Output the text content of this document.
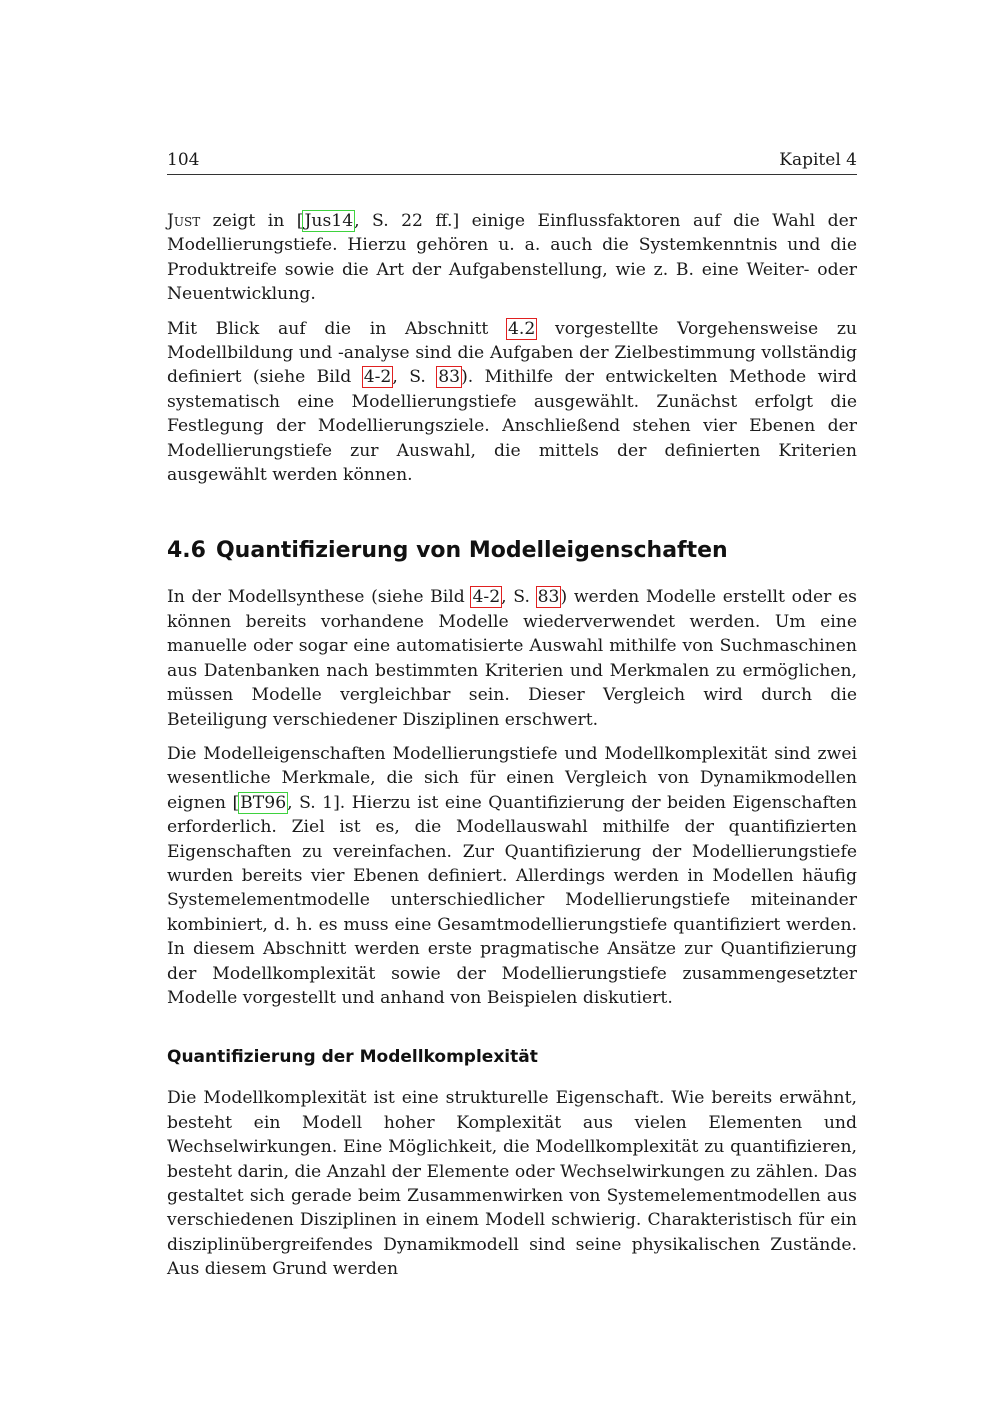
104	Kapitel 4

Just zeigt in [Jus14, S. 22 ff.] einige Einflussfaktoren auf die Wahl der Modellierungstiefe. Hierzu gehören u. a. auch die Systemkenntnis und die Produktreife sowie die Art der Aufgabenstellung, wie z. B. eine Weiter- oder Neuentwicklung.

Mit Blick auf die in Abschnitt 4.2 vorgestellte Vorgehensweise zu Modellbildung und -analyse sind die Aufgaben der Zielbestimmung vollständig definiert (siehe Bild 4-2, S. 83). Mithilfe der entwickelten Methode wird systematisch eine Modellierungstiefe ausgewählt. Zunächst erfolgt die Festlegung der Modellierungsziele. Anschließend stehen vier Ebenen der Modellierungstiefe zur Auswahl, die mittels der definierten Kriterien ausgewählt werden können.

4.6 Quantifizierung von Modelleigenschaften

In der Modellsynthese (siehe Bild 4-2, S. 83) werden Modelle erstellt oder es können bereits vorhandene Modelle wiederverwendet werden. Um eine manuelle oder sogar eine automatisierte Auswahl mithilfe von Suchmaschinen aus Datenbanken nach bestimmten Kriterien und Merkmalen zu ermöglichen, müssen Modelle vergleichbar sein. Dieser Vergleich wird durch die Beteiligung verschiedener Disziplinen erschwert.

Die Modelleigenschaften Modellierungstiefe und Modellkomplexität sind zwei wesentliche Merkmale, die sich für einen Vergleich von Dynamikmodellen eignen [BT96, S. 1]. Hierzu ist eine Quantifizierung der beiden Eigenschaften erforderlich. Ziel ist es, die Modellauswahl mithilfe der quantifizierten Eigenschaften zu vereinfachen. Zur Quantifizierung der Modellierungstiefe wurden bereits vier Ebenen definiert. Allerdings werden in Modellen häufig Systemelementmodelle unterschiedlicher Modellierungstiefe miteinander kombiniert, d. h. es muss eine Gesamtmodellierungstiefe quantifiziert werden. In diesem Abschnitt werden erste pragmatische Ansätze zur Quantifizierung der Modellkomplexität sowie der Modellierungstiefe zusammengesetzter Modelle vorgestellt und anhand von Beispielen diskutiert.

Quantifizierung der Modellkomplexität

Die Modellkomplexität ist eine strukturelle Eigenschaft. Wie bereits erwähnt, besteht ein Modell hoher Komplexität aus vielen Elementen und Wechselwirkungen. Eine Möglichkeit, die Modellkomplexität zu quantifizieren, besteht darin, die Anzahl der Elemente oder Wechselwirkungen zu zählen. Das gestaltet sich gerade beim Zusammenwirken von Systemelementmodellen aus verschiedenen Disziplinen in einem Modell schwierig. Charakteristisch für ein disziplinübergreifendes Dynamikmodell sind seine physikalischen Zustände. Aus diesem Grund werden
